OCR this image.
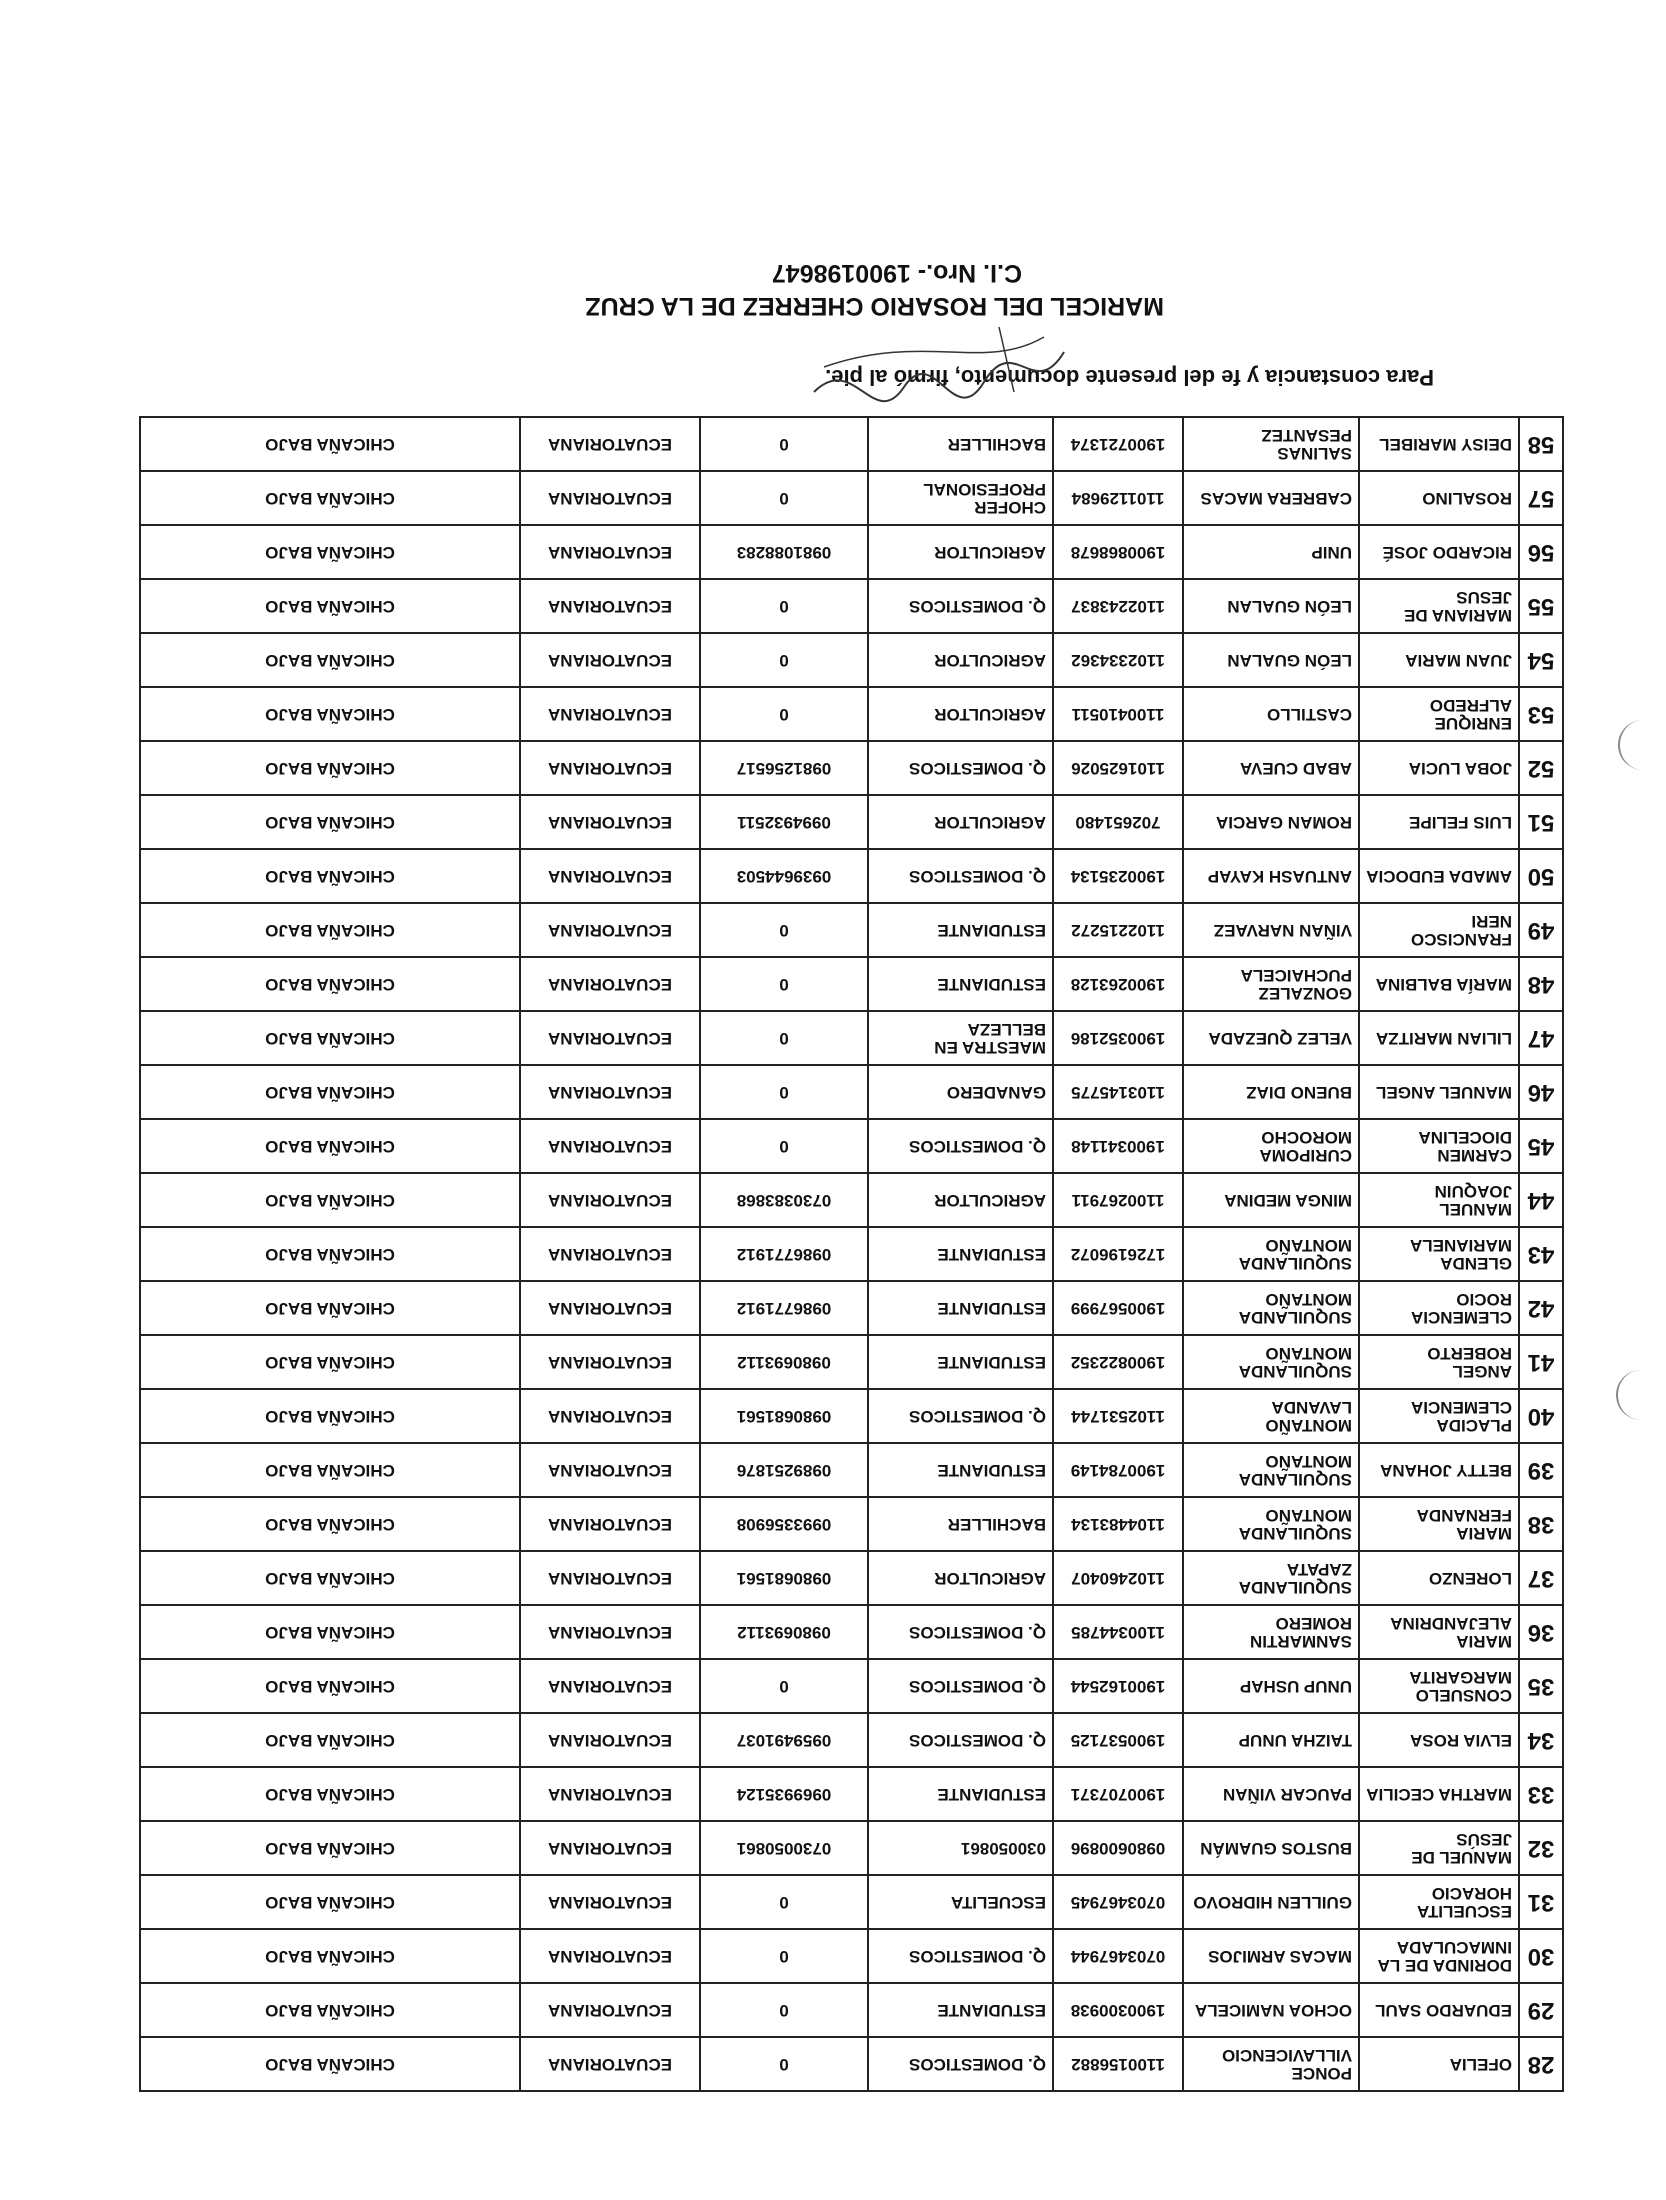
28	OFELIA	PONCE VILLAVICENCIO	1100156882	Q. DOMESTICOS	0	ECUATORIANA	CHICAÑA BAJO
29	EDUARDO SAUL	OCHOA NAMICELA	1900300938	ESTUDIANTE	0	ECUATORIANA	CHICAÑA BAJO
30	DORINDA DE LA INMACULADA	MACAS ARMIJOS	0703467944	Q. DOMESTICOS	0	ECUATORIANA	CHICAÑA BAJO
31	ESCUELITA HORACIO	GUILLEN HIDROVO	0703467945	ESCUELITA	0	ECUATORIANA	CHICAÑA BAJO
32	MANUEL DE JESÚS	BUSTOS GUAMÁN	0980600896	030050861	0730050861	ECUATORIANA	CHICAÑA BAJO
33	MARTHA CECILIA	PAUCAR VIÑAN	1900707371	ESTUDIANTE	0969935124	ECUATORIANA	CHICAÑA BAJO
34	ELVIA ROSA	TAIZHA UNUP	1900537125	Q. DOMESTICOS	0959491037	ECUATORIANA	CHICAÑA BAJO
35	CONSUELO MARGARITA	UNUP USHAP	1900162544	Q. DOMESTICOS	0	ECUATORIANA	CHICAÑA BAJO
36	MARIA ALEJANDRINA	SANMARTIN ROMERO	1100344785	Q. DOMESTICOS	0980693112	ECUATORIANA	CHICAÑA BAJO
37	LORENZO	SUQUILANDA ZAPATA	1102460407	AGRICULTOR	0980681561	ECUATORIANA	CHICAÑA BAJO
38	MARIA FERNANDA	SUQUILANDA MONTAÑO	1104483134	BACHILLER	0993356908	ECUATORIANA	CHICAÑA BAJO
39	BETTY JOHANA	SUQUILANDA MONTAÑO	1900784149	ESTUDIANTE	0989251876	ECUATORIANA	CHICAÑA BAJO
40	PLACIDA CLEMENCIA	MONTAÑO LAVANDA	1102531744	Q. DOMESTICOS	0980681561	ECUATORIANA	CHICAÑA BAJO
41	ANGEL ROBERTO	SUQUILANDA MONTAÑO	1900822352	ESTUDIANTE	0980693112	ECUATORIANA	CHICAÑA BAJO
42	CLEMENCIA ROCIO	SUQUILANDA MONTAÑO	1900567999	ESTUDIANTE	0986771912	ECUATORIANA	CHICAÑA BAJO
43	GLENDA MARIANELA	SUQUILANDA MONTAÑO	1726196072	ESTUDIANTE	0986771912	ECUATORIANA	CHICAÑA BAJO
44	MANUEL JOAQUIN	MINGA MEDINA	1100267911	AGRICULTOR	0730383868	ECUATORIANA	CHICAÑA BAJO
45	CARMEN DIOCELINA	CURIPOMA MOROCHO	1900341148	Q. DOMESTICOS	0	ECUATORIANA	CHICAÑA BAJO
46	MANUEL ANGEL	BUENO DIAZ	1103145775	GANADERO	0	ECUATORIANA	CHICAÑA BAJO
47	LILIAN MARITZA	VELEZ QUEZADA	1900352186	MAESTRA EN BELLEZA	0	ECUATORIANA	CHICAÑA BAJO
48	MARÍA BALBINA	GONZALEZ PUCHAICELA	1900263128	ESTUDIANTE	0	ECUATORIANA	CHICAÑA BAJO
49	FRANCISCO NERI	VIÑAN NARVAEZ	1102215272	ESTUDIANTE	0	ECUATORIANA	CHICAÑA BAJO
50	AMADA EUDOCIA	ANTUASH KAYAP	1900235134	Q. DOMESTICOS	0939644503	ECUATORIANA	CHICAÑA BAJO
51	LUIS FELIPE	ROMAN GARCIA	702651480	AGRICULTOR	0994932511	ECUATORIANA	CHICAÑA BAJO
52	JOBA LUCIA	ABAD CUEVA	1101625026	Q. DOMESTICOS	0981256517	ECUATORIANA	CHICAÑA BAJO
53	ENRIQUE ALFREDO	CASTILLO	1100410511	AGRICULTOR	0	ECUATORIANA	CHICAÑA BAJO
54	JUAN MARIA	LEÓN GUALAN	1102334362	AGRICULTOR	0	ECUATORIANA	CHICAÑA BAJO
55	MARIANA DE JESUS	LEÓN GUALAN	1102243837	Q. DOMESTICOS	0	ECUATORIANA	CHICAÑA BAJO
56	RICARDO JOSÉ	UNIP	1900868678	AGRICULTOR	0981088283	ECUATORIANA	CHICAÑA BAJO
57	ROSALINO	CABRERA MACAS	1101129684	CHOFER PROFESIONAL	0	ECUATORIANA	CHICAÑA BAJO
58	DEISY MARIBEL	SALINAS PESANTEZ	1900721374	BACHILLER	0	ECUATORIANA	CHICAÑA BAJO

Para constancia y fe del presente documento, firmó al pie.

MARICEL DEL ROSARIO CHERREZ DE LA CRUZ

C.I. Nro.- 1900198647
